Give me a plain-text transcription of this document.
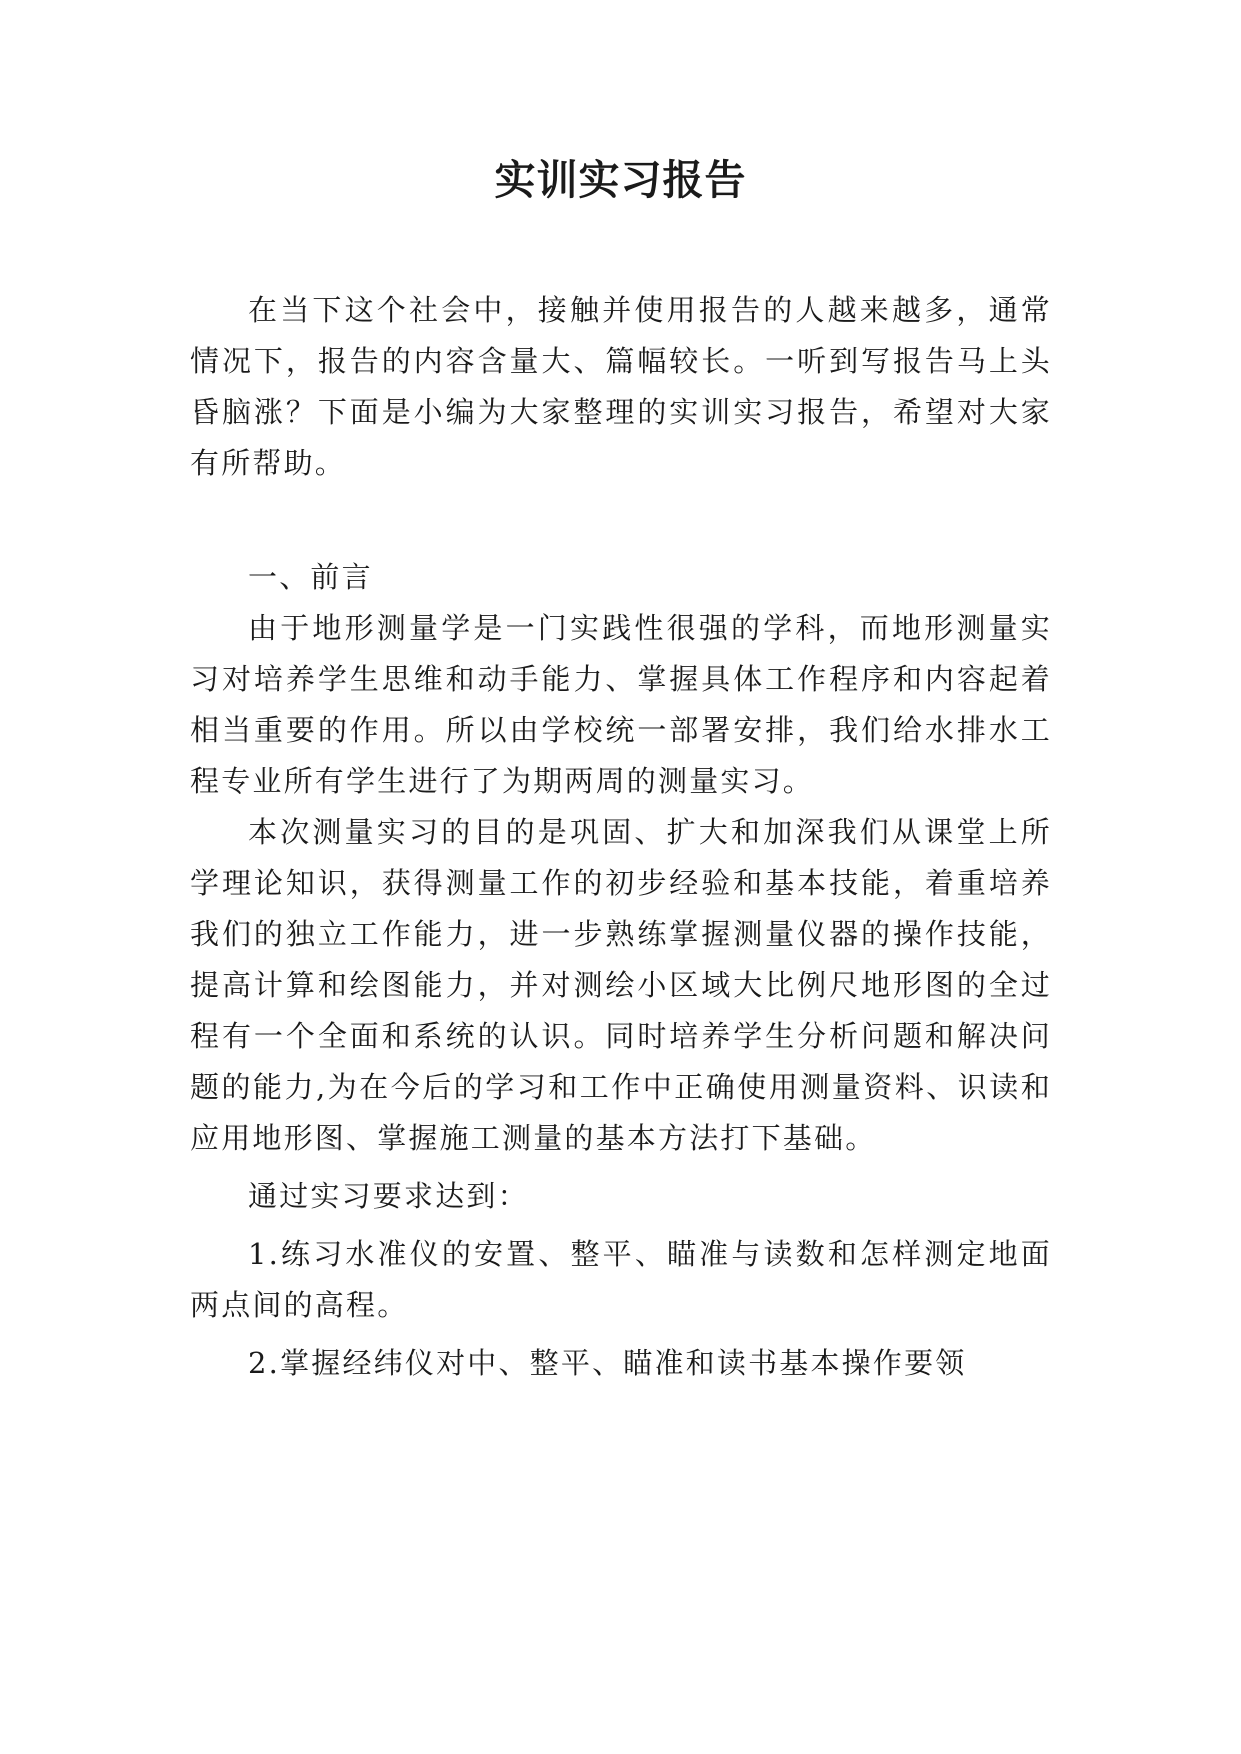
实训实习报告

在当下这个社会中，接触并使用报告的人越来越多，通常情况下，报告的内容含量大、篇幅较长。一听到写报告马上头昏脑涨？下面是小编为大家整理的实训实习报告，希望对大家有所帮助。

一、前言

由于地形测量学是一门实践性很强的学科，而地形测量实习对培养学生思维和动手能力、掌握具体工作程序和内容起着相当重要的作用。所以由学校统一部署安排，我们给水排水工程专业所有学生进行了为期两周的测量实习。

本次测量实习的目的是巩固、扩大和加深我们从课堂上所学理论知识，获得测量工作的初步经验和基本技能，着重培养我们的独立工作能力，进一步熟练掌握测量仪器的操作技能，提高计算和绘图能力，并对测绘小区域大比例尺地形图的全过程有一个全面和系统的认识。同时培养学生分析问题和解决问题的能力,为在今后的学习和工作中正确使用测量资料、识读和应用地形图、掌握施工测量的基本方法打下基础。

通过实习要求达到：

1.练习水准仪的安置、整平、瞄准与读数和怎样测定地面两点间的高程。

2.掌握经纬仪对中、整平、瞄准和读书基本操作要领
